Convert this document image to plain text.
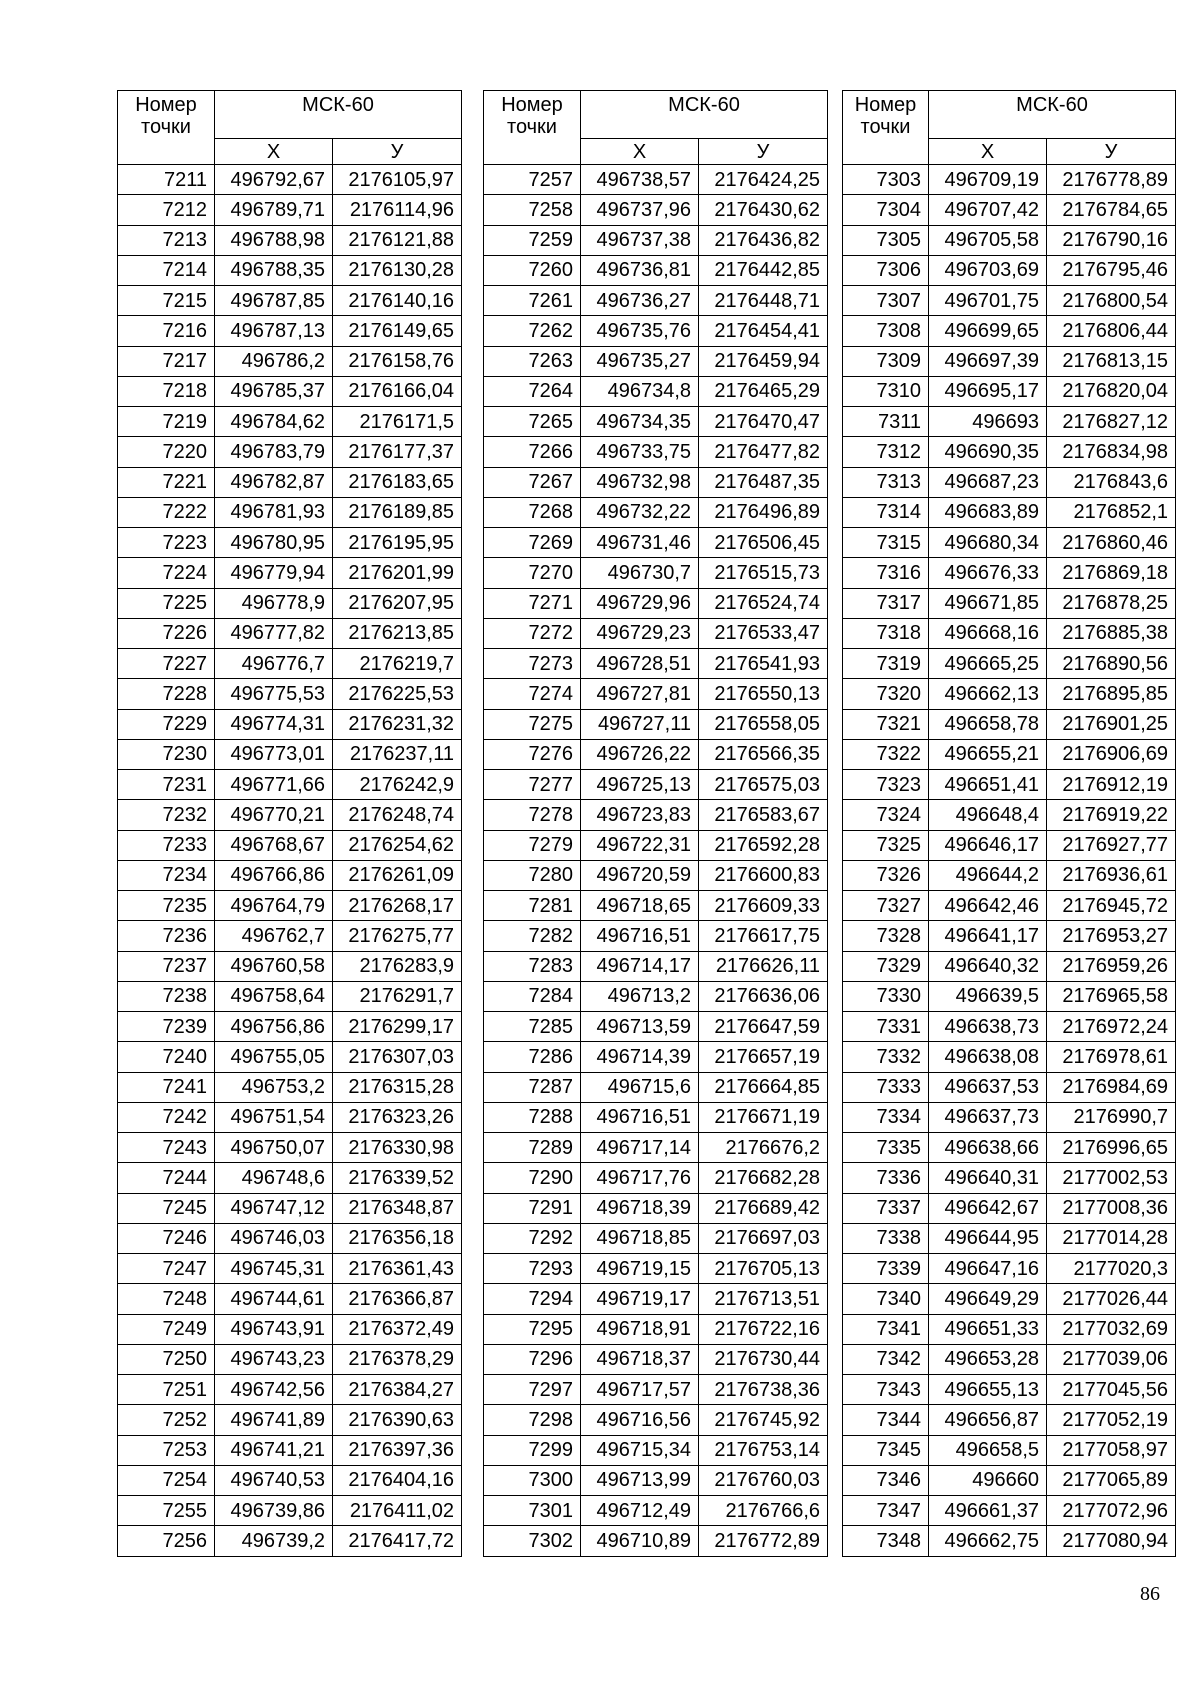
Номер точки	МСК-60	
	Х	У
7211	496792,67	2176105,97
7212	496789,71	2176114,96
7213	496788,98	2176121,88
7214	496788,35	2176130,28
7215	496787,85	2176140,16
7216	496787,13	2176149,65
7217	496786,2	2176158,76
7218	496785,37	2176166,04
7219	496784,62	2176171,5
7220	496783,79	2176177,37
7221	496782,87	2176183,65
7222	496781,93	2176189,85
7223	496780,95	2176195,95
7224	496779,94	2176201,99
7225	496778,9	2176207,95
7226	496777,82	2176213,85
7227	496776,7	2176219,7
7228	496775,53	2176225,53
7229	496774,31	2176231,32
7230	496773,01	2176237,11
7231	496771,66	2176242,9
7232	496770,21	2176248,74
7233	496768,67	2176254,62
7234	496766,86	2176261,09
7235	496764,79	2176268,17
7236	496762,7	2176275,77
7237	496760,58	2176283,9
7238	496758,64	2176291,7
7239	496756,86	2176299,17
7240	496755,05	2176307,03
7241	496753,2	2176315,28
7242	496751,54	2176323,26
7243	496750,07	2176330,98
7244	496748,6	2176339,52
7245	496747,12	2176348,87
7246	496746,03	2176356,18
7247	496745,31	2176361,43
7248	496744,61	2176366,87
7249	496743,91	2176372,49
7250	496743,23	2176378,29
7251	496742,56	2176384,27
7252	496741,89	2176390,63
7253	496741,21	2176397,36
7254	496740,53	2176404,16
7255	496739,86	2176411,02
7256	496739,2	2176417,72
Номер точки	МСК-60	
	Х	У
7257	496738,57	2176424,25
7258	496737,96	2176430,62
7259	496737,38	2176436,82
7260	496736,81	2176442,85
7261	496736,27	2176448,71
7262	496735,76	2176454,41
7263	496735,27	2176459,94
7264	496734,8	2176465,29
7265	496734,35	2176470,47
7266	496733,75	2176477,82
7267	496732,98	2176487,35
7268	496732,22	2176496,89
7269	496731,46	2176506,45
7270	496730,7	2176515,73
7271	496729,96	2176524,74
7272	496729,23	2176533,47
7273	496728,51	2176541,93
7274	496727,81	2176550,13
7275	496727,11	2176558,05
7276	496726,22	2176566,35
7277	496725,13	2176575,03
7278	496723,83	2176583,67
7279	496722,31	2176592,28
7280	496720,59	2176600,83
7281	496718,65	2176609,33
7282	496716,51	2176617,75
7283	496714,17	2176626,11
7284	496713,2	2176636,06
7285	496713,59	2176647,59
7286	496714,39	2176657,19
7287	496715,6	2176664,85
7288	496716,51	2176671,19
7289	496717,14	2176676,2
7290	496717,76	2176682,28
7291	496718,39	2176689,42
7292	496718,85	2176697,03
7293	496719,15	2176705,13
7294	496719,17	2176713,51
7295	496718,91	2176722,16
7296	496718,37	2176730,44
7297	496717,57	2176738,36
7298	496716,56	2176745,92
7299	496715,34	2176753,14
7300	496713,99	2176760,03
7301	496712,49	2176766,6
7302	496710,89	2176772,89
Номер точки	МСК-60	
	Х	У
7303	496709,19	2176778,89
7304	496707,42	2176784,65
7305	496705,58	2176790,16
7306	496703,69	2176795,46
7307	496701,75	2176800,54
7308	496699,65	2176806,44
7309	496697,39	2176813,15
7310	496695,17	2176820,04
7311	496693	2176827,12
7312	496690,35	2176834,98
7313	496687,23	2176843,6
7314	496683,89	2176852,1
7315	496680,34	2176860,46
7316	496676,33	2176869,18
7317	496671,85	2176878,25
7318	496668,16	2176885,38
7319	496665,25	2176890,56
7320	496662,13	2176895,85
7321	496658,78	2176901,25
7322	496655,21	2176906,69
7323	496651,41	2176912,19
7324	496648,4	2176919,22
7325	496646,17	2176927,77
7326	496644,2	2176936,61
7327	496642,46	2176945,72
7328	496641,17	2176953,27
7329	496640,32	2176959,26
7330	496639,5	2176965,58
7331	496638,73	2176972,24
7332	496638,08	2176978,61
7333	496637,53	2176984,69
7334	496637,73	2176990,7
7335	496638,66	2176996,65
7336	496640,31	2177002,53
7337	496642,67	2177008,36
7338	496644,95	2177014,28
7339	496647,16	2177020,3
7340	496649,29	2177026,44
7341	496651,33	2177032,69
7342	496653,28	2177039,06
7343	496655,13	2177045,56
7344	496656,87	2177052,19
7345	496658,5	2177058,97
7346	496660	2177065,89
7347	496661,37	2177072,96
7348	496662,75	2177080,94
86
